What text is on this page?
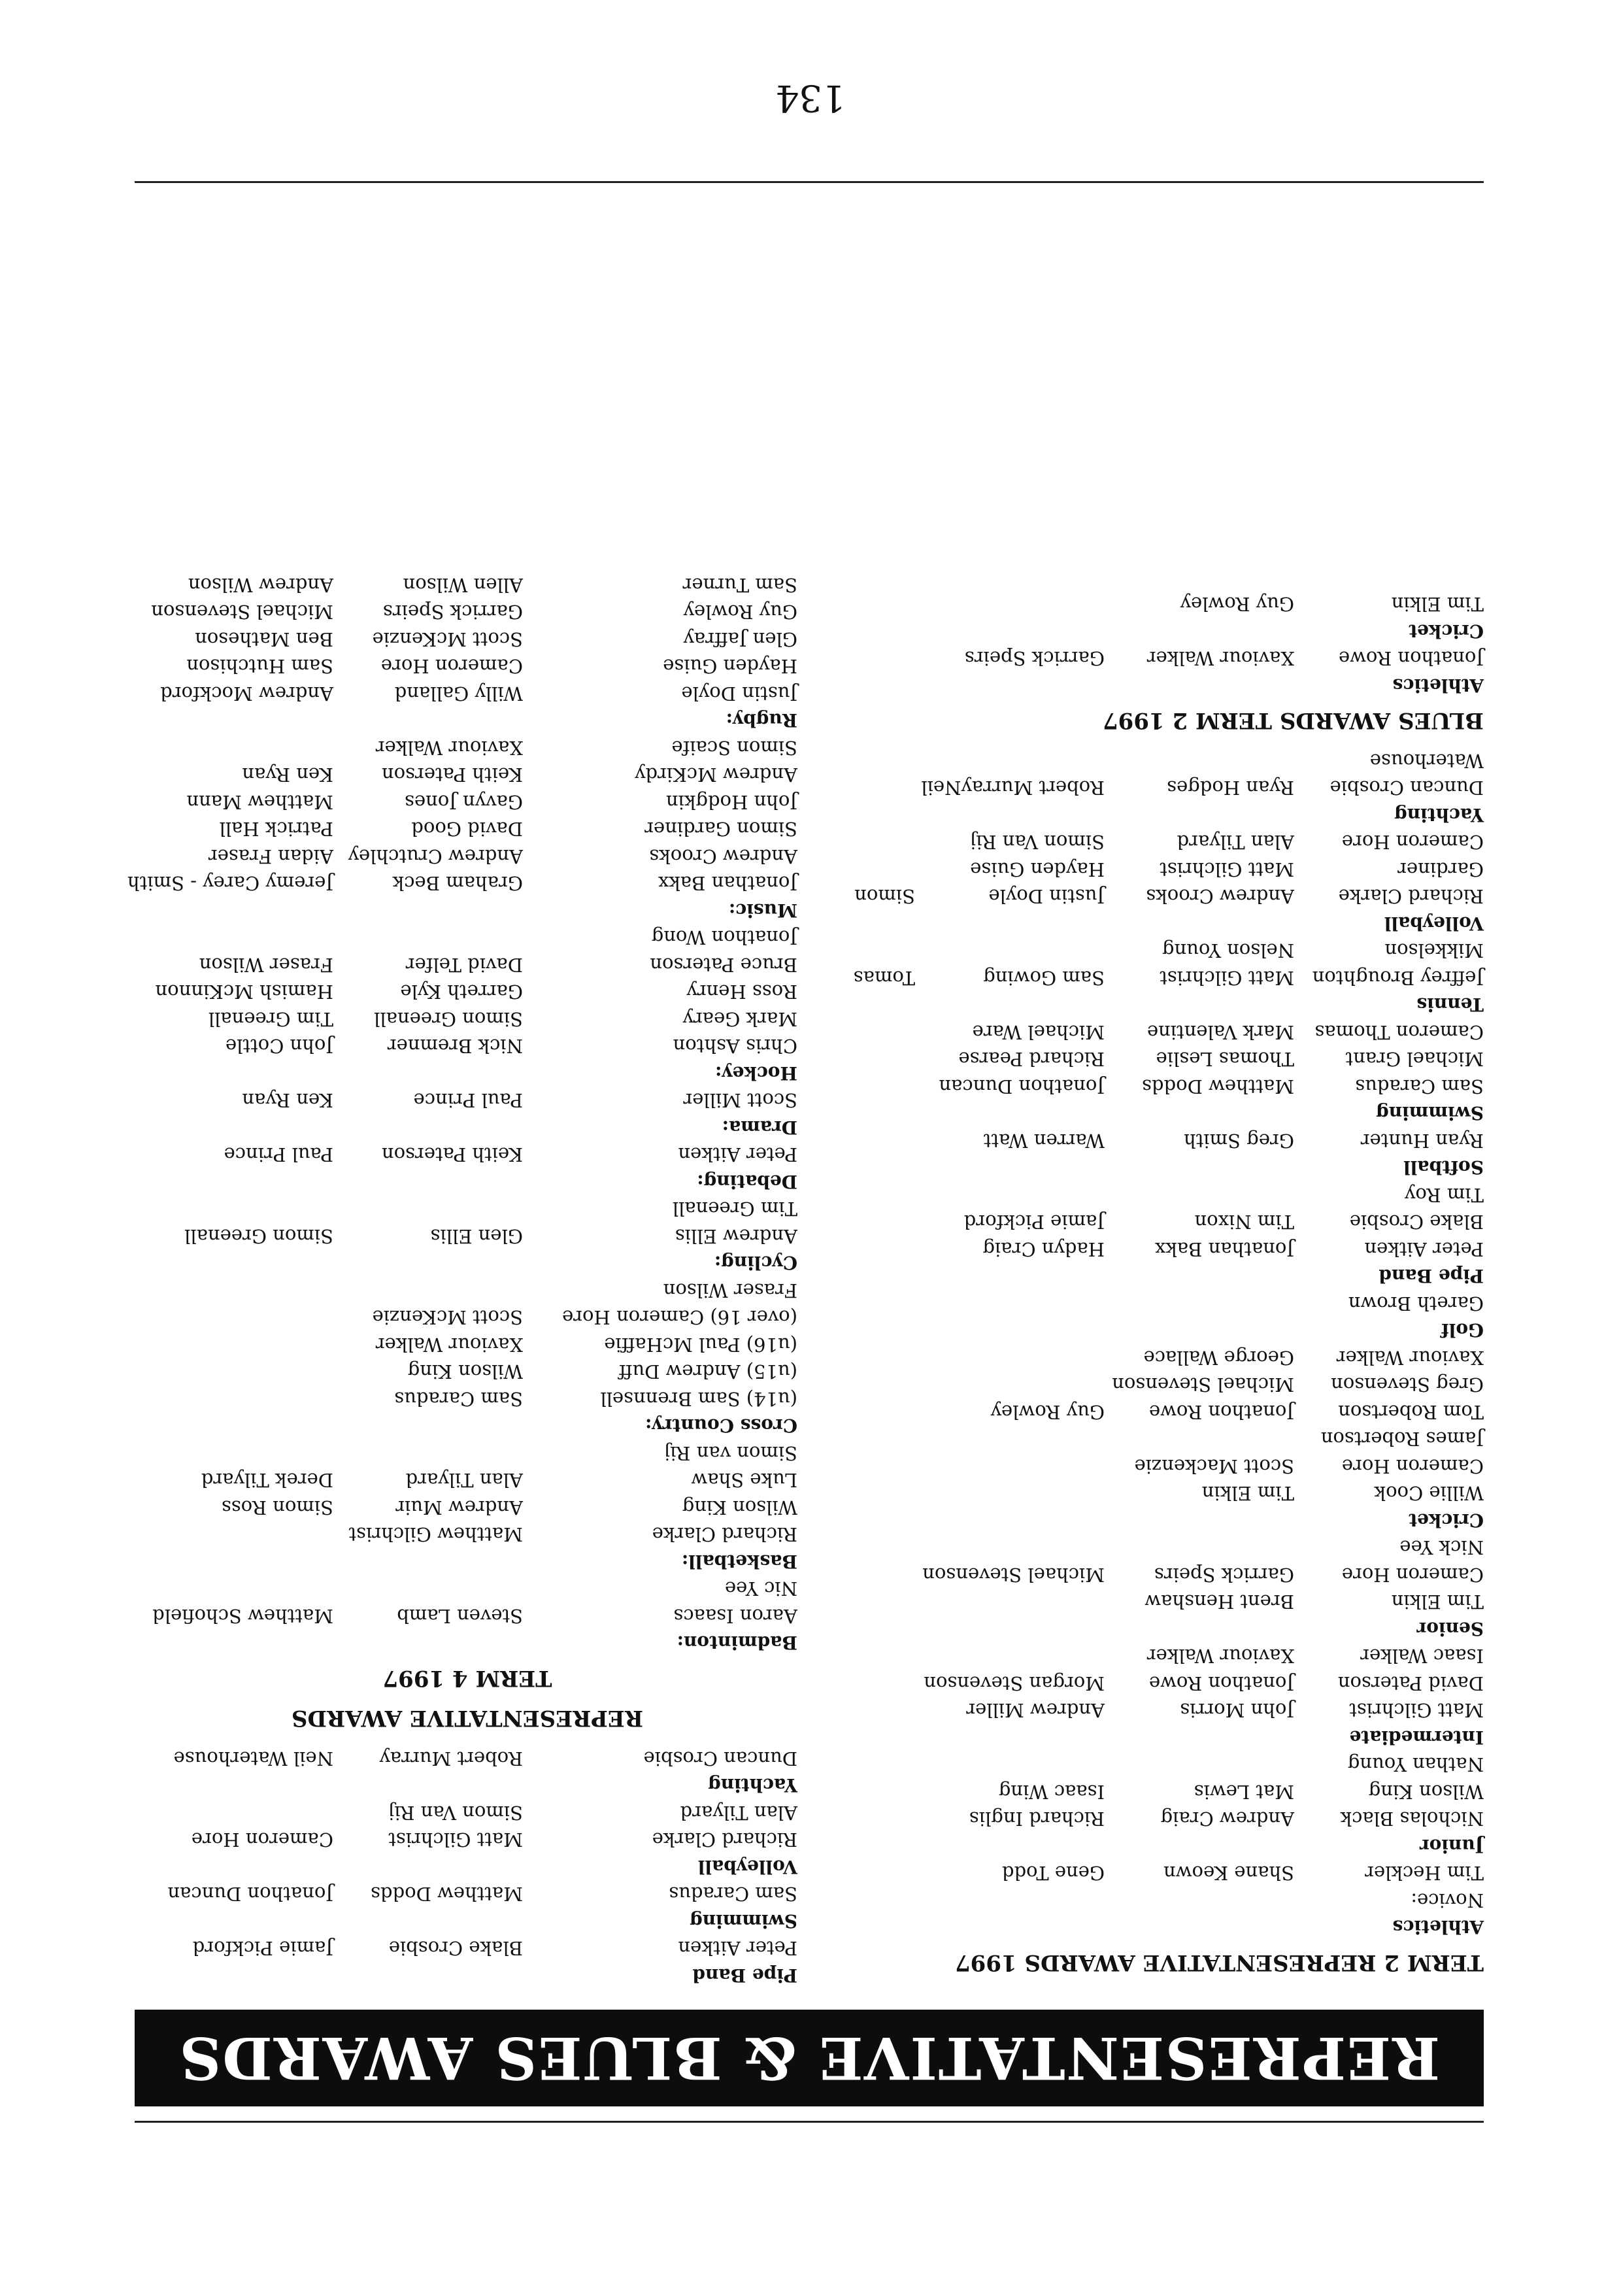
REPRESENTATIVE & BLUES AWARDS
TERM 2 REPRESENTATIVE AWARDS 1997
Athletics
Novice:
Tim Heckler
Shane Keown
Gene Todd
Junior
Nicholas Black
Andrew Craig
Richard Inglis
Wilson King
Mat Lewis
Isaac Wing
Nathan Young
Intermediate
Matt Gilchrist
John Morris
Andrew Miller
David Paterson
Jonathon Rowe
Morgan Stevenson
Isaac Walker
Xaviour Walker
Senior
Tim Elkin
Brent Henshaw
Cameron Hore
Garrick Speirs
Michael Stevenson
Nick Yee
Cricket
Willie Cook
Tim Elkin
Cameron Hore
Scott Mackenzie
James Robertson
Tom Robertson
Jonathon Rowe
Guy Rowley
Greg Stevenson
Michael Stevenson
Xaviour Walker
George Wallace
Golf
Gareth Brown
Pipe Band
Peter Aitken
Jonathan Bakx
Hadyn Craig
Blake Crosbie
Tim Nixon
Jamie Pickford
Tim Roy
Softball
Ryan Hunter
Greg Smith
Warren Watt
Swimming
Sam Caradus
Matthew Dodds
Jonathon Duncan
Michael Grant
Thomas Leslie
Richard Pearse
Cameron Thomas
Mark Valentine
Michael Ware
Tennis
Jeffrey Broughton
Matt Gilchrist
Sam Gowing
Tomas
Mikkelson
Nelson Young
Volleyball
Richard Clarke
Andrew Crooks
Justin Doyle
Simon
Gardiner
Matt Gilchrist
Hayden Guise
Cameron Hore
Alan Tilyard
Simon Van Rij
Yachting
Duncan Crosbie
Ryan Hodges
Robert MurrayNeil
Waterhouse
BLUES AWARDS TERM 2 1997
Athletics
Jonathon Rowe
Xaviour Walker
Garrick Speirs
Cricket
Tim Elkin
Guy Rowley
Pipe Band
Peter Aitken
Blake Crosbie
Jamie Pickford
Swimming
Sam Caradus
Matthew Dodds
Jonathon Duncan
Volleyball
Richard Clarke
Matt Gilchrist
Cameron Hore
Alan Tilyard
Simon Van Rij
Yachting
Duncan Crosbie
Robert Murray
Neil Waterhouse
REPRESENTATIVE AWARDS
TERM 4 1997
Badminton:
Aaron Isaacs
Steven Lamb
Matthew Schofield
Nic Yee
Basketball:
Richard Clarke
Matthew Gilchrist
Wilson King
Andrew Muir
Simon Ross
Luke Shaw
Alan Tilyard
Derek Tilyard
Simon van Rij
Cross Country:
(u14) Sam Brennsell
Sam Caradus
(u15) Andrew Duff
Wilson King
(u16) Paul McHaffie
Xaviour Walker
(over 16) Cameron Hore
Scott McKenzie
Fraser Wilson
Cycling:
Andrew Ellis
Glen Ellis
Simon Greenall
Tim Greenall
Debating:
Peter Aitken
Keith Paterson
Paul Prince
Drama:
Scott Miller
Paul Prince
Ken Ryan
Hockey:
Chris Ashton
Nick Bremner
John Cottle
Mark Geary
Simon Greenall
Tim Greenall
Ross Henry
Garreth Kyle
Hamish McKinnon
Bruce Paterson
David Telfer
Fraser Wilson
Jonathon Wong
Music:
Jonathan Bakx
Graham Beck
Jeremy Carey - Smith
Andrew Crooks
Andrew Crutchley
Aidan Fraser
Simon Gardiner
David Good
Patrick Hall
John Hodgkin
Gavyn Jones
Matthew Mann
Andrew McKirdy
Keith Paterson
Ken Ryan
Simon Scaife
Xaviour Walker
Rugby:
Justin Doyle
Willy Galland
Andrew Mockford
Hayden Guise
Cameron Hore
Sam Hutchison
Glen Jaffray
Scott McKenzie
Ben Matheson
Guy Rowley
Garrick Speirs
Michael Stevenson
Sam Turner
Allen Wilson
Andrew Wilson
134
